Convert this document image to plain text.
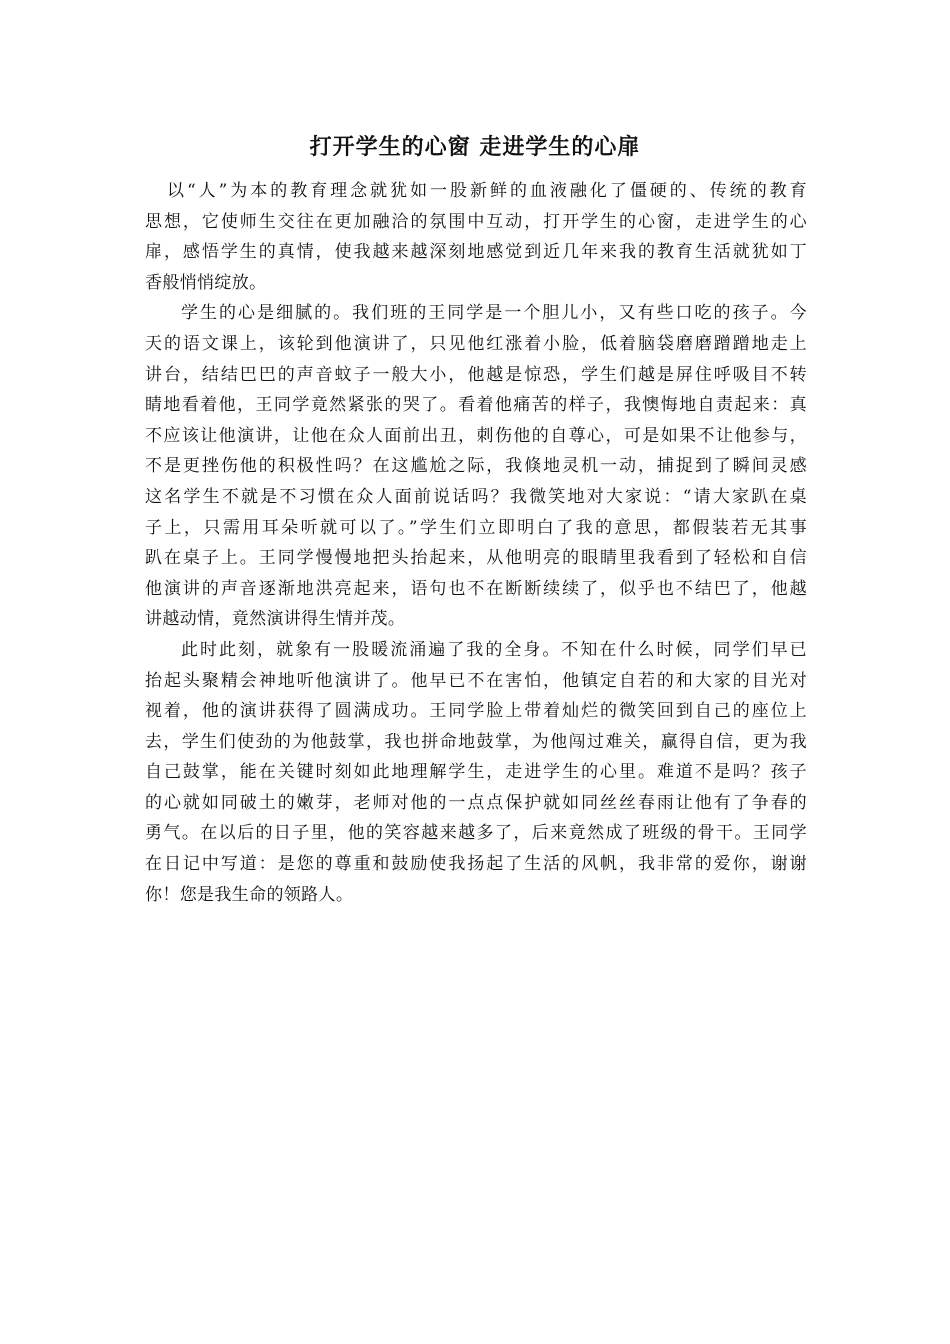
打开学生的心窗 走进学生的心扉
以“人”为本的教育理念就犹如一股新鲜的血液融化了僵硬的、传统的教育
思想，它使师生交往在更加融洽的氛围中互动，打开学生的心窗，走进学生的心
扉，感悟学生的真情，使我越来越深刻地感觉到近几年来我的教育生活就犹如丁
香般悄悄绽放。
学生的心是细腻的。我们班的王同学是一个胆儿小，又有些口吃的孩子。今
天的语文课上，该轮到他演讲了，只见他红涨着小脸，低着脑袋磨磨蹭蹭地走上
讲台，结结巴巴的声音蚊子一般大小，他越是惊恐，学生们越是屏住呼吸目不转
睛地看着他，王同学竟然紧张的哭了。看着他痛苦的样子，我懊悔地自责起来：真
不应该让他演讲，让他在众人面前出丑，刺伤他的自尊心，可是如果不让他参与，
不是更挫伤他的积极性吗？在这尴尬之际，我倏地灵机一动，捕捉到了瞬间灵感
这名学生不就是不习惯在众人面前说话吗？我微笑地对大家说：“请大家趴在桌
子上，只需用耳朵听就可以了。”学生们立即明白了我的意思，都假装若无其事
趴在桌子上。王同学慢慢地把头抬起来，从他明亮的眼睛里我看到了轻松和自信
他演讲的声音逐渐地洪亮起来，语句也不在断断续续了，似乎也不结巴了，他越
讲越动情，竟然演讲得生情并茂。
此时此刻，就象有一股暖流涌遍了我的全身。不知在什么时候，同学们早已
抬起头聚精会神地听他演讲了。他早已不在害怕，他镇定自若的和大家的目光对
视着，他的演讲获得了圆满成功。王同学脸上带着灿烂的微笑回到自己的座位上
去，学生们使劲的为他鼓掌，我也拼命地鼓掌，为他闯过难关，赢得自信，更为我
自己鼓掌，能在关键时刻如此地理解学生，走进学生的心里。难道不是吗？孩子
的心就如同破土的嫩芽，老师对他的一点点保护就如同丝丝春雨让他有了争春的
勇气。在以后的日子里，他的笑容越来越多了，后来竟然成了班级的骨干。王同学
在日记中写道：是您的尊重和鼓励使我扬起了生活的风帆，我非常的爱你，谢谢
你！您是我生命的领路人。
